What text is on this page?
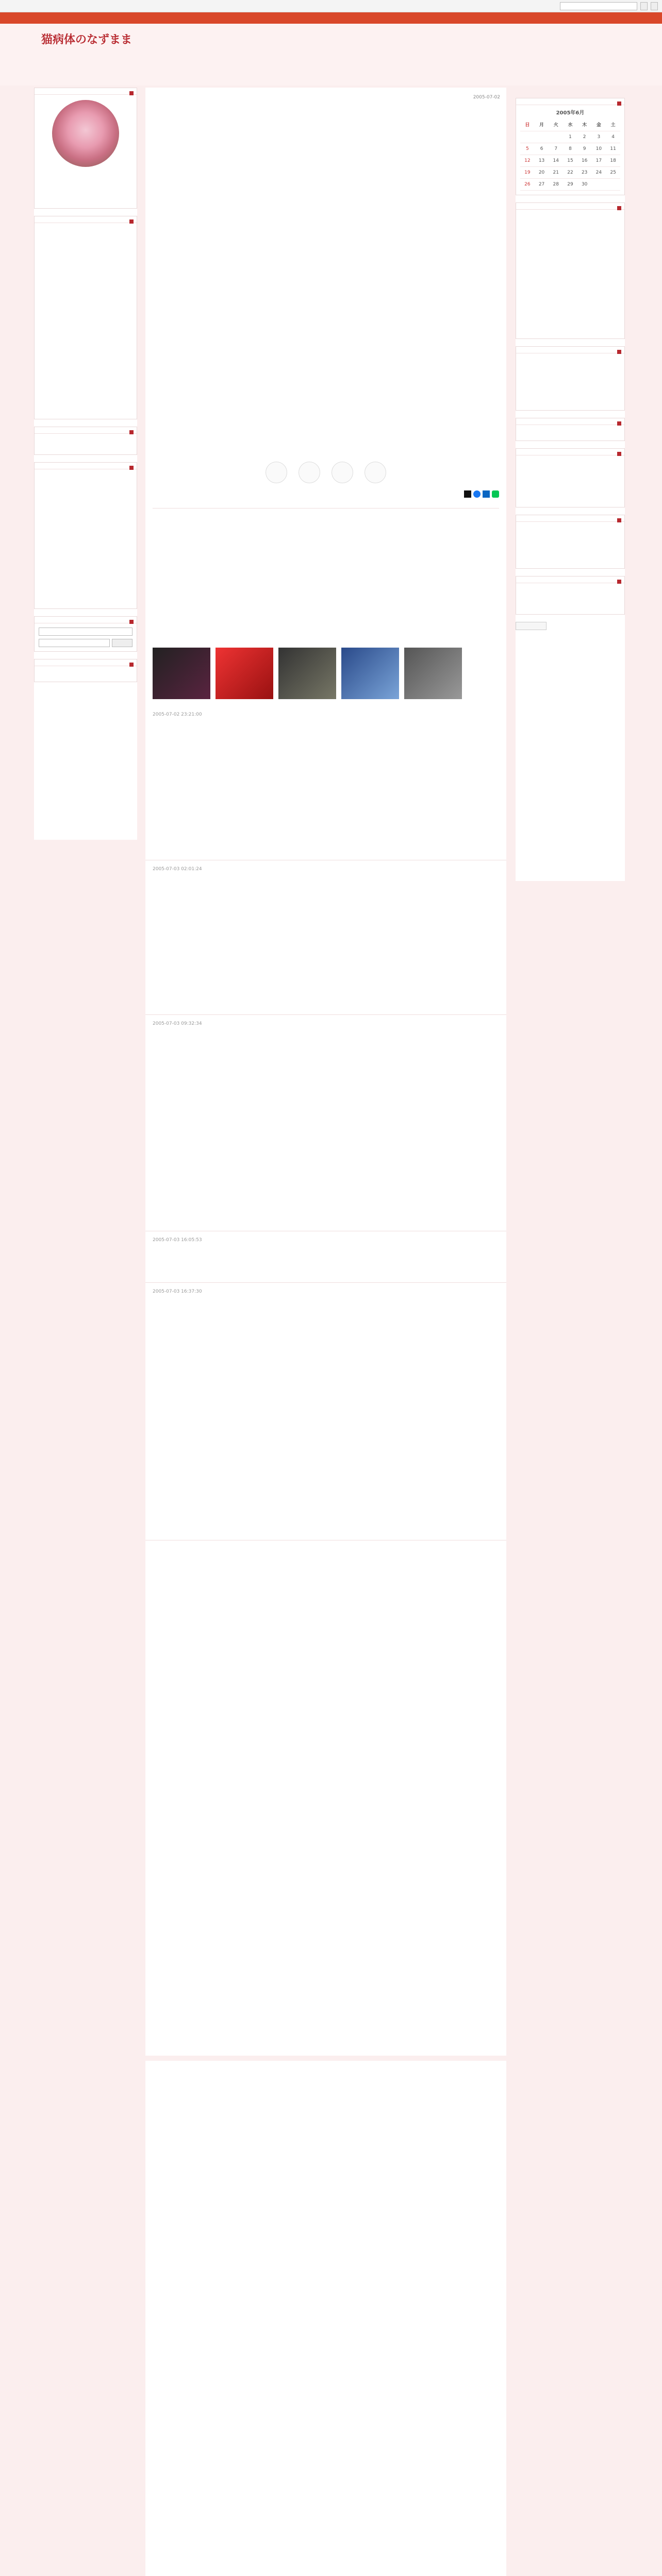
猫病体のなずまま
2005-07-02
2005-07-02 23:21:00
2005-07-03 02:01:24
2005-07-03 09:32:34
2005-07-03 16:05:53
2005-07-03 16:37:30
2005年6月
日	月	火	水	木	金	土
			1	2	3	4
5	6	7	8	9	10	11
12	13	14	15	16	17	18
19	20	21	22	23	24	25
26	27	28	29	30		
